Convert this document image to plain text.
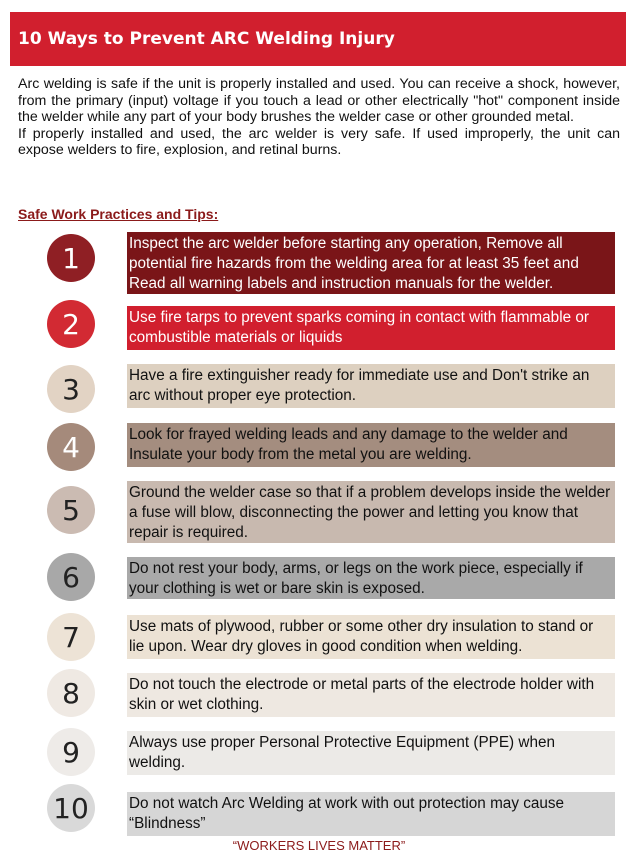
10 Ways to Prevent ARC Welding Injury

Arc welding is safe if the unit is properly installed and used. You can receive a shock, however, from the primary (input) voltage if you touch a lead or other electrically "hot" component inside the welder while any part of your body brushes the welder case or other grounded metal.

If properly installed and used, the arc welder is very safe. If used improperly, the unit can expose welders to fire, explosion, and retinal burns.

Safe Work Practices and Tips:
1	Inspect the arc welder before starting any operation, Remove all potential fire hazards from the welding area for at least 35 feet and Read all warning labels and instruction manuals for the welder.
2	Use fire tarps to prevent sparks coming in contact with flammable or combustible materials or liquids
3	Have a fire extinguisher ready for immediate use and Don't strike an arc without proper eye protection.
4	Look for frayed welding leads and any damage to the welder and Insulate your body from the metal you are welding.
5
Ground the welder case so that if a problem develops inside the welder a fuse will blow, disconnecting the power and letting you know that repair is required.
6	Do not rest your body, arms, or legs on the work piece, especially if your clothing is wet or bare skin is exposed.
7	Use mats of plywood, rubber or some other dry insulation to stand or lie upon. Wear dry gloves in good condition when welding.
8	Do not touch the electrode or metal parts of the electrode holder with skin or wet clothing.
9	Always use proper Personal Protective Equipment (PPE) when welding.
10	Do not watch Arc Welding at work with out protection may cause “Blindness”
“WORKERS LIVES MATTER”
